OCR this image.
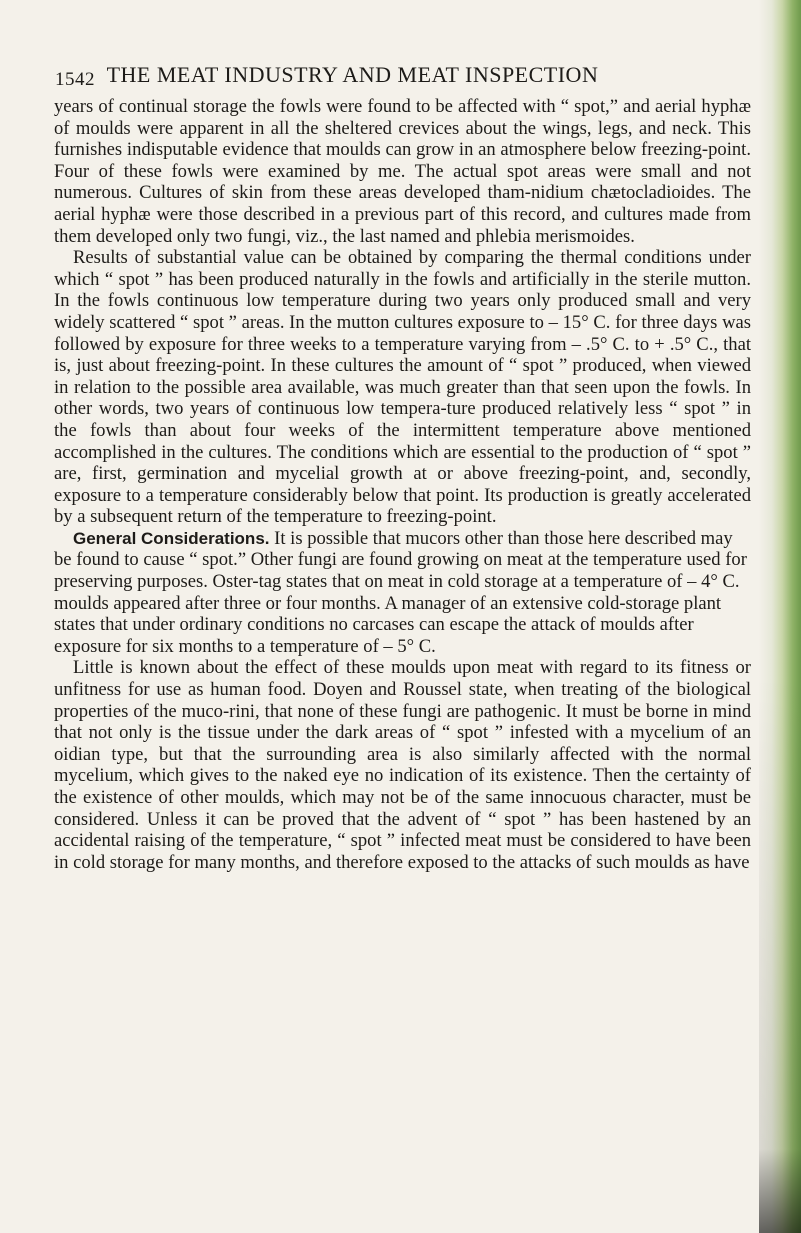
1542 THE MEAT INDUSTRY AND MEAT INSPECTION

years of continual storage the fowls were found to be affected with “ spot,” and aerial hyphæ of moulds were apparent in all the sheltered crevices about the wings, legs, and neck. This furnishes indisputable evidence that moulds can grow in an atmosphere below freezing-point. Four of these fowls were examined by me. The actual spot areas were small and not numerous. Cultures of skin from these areas developed tham-nidium chætocladioides. The aerial hyphæ were those described in a previous part of this record, and cultures made from them developed only two fungi, viz., the last named and phlebia merismoides.

Results of substantial value can be obtained by comparing the thermal conditions under which “ spot ” has been produced naturally in the fowls and artificially in the sterile mutton. In the fowls continuous low temperature during two years only produced small and very widely scattered “ spot ” areas. In the mutton cultures exposure to – 15° C. for three days was followed by exposure for three weeks to a temperature varying from – .5° C. to + .5° C., that is, just about freezing-point. In these cultures the amount of “ spot ” produced, when viewed in relation to the possible area available, was much greater than that seen upon the fowls. In other words, two years of continuous low tempera-ture produced relatively less “ spot ” in the fowls than about four weeks of the intermittent temperature above mentioned accomplished in the cultures. The conditions which are essential to the production of “ spot ” are, first, germination and mycelial growth at or above freezing-point, and, secondly, exposure to a temperature considerably below that point. Its production is greatly accelerated by a subsequent return of the temperature to freezing-point.

General Considerations. It is possible that mucors other than those here described may be found to cause “ spot.” Other fungi are found growing on meat at the temperature used for preserving purposes. Oster-tag states that on meat in cold storage at a temperature of – 4° C. moulds appeared after three or four months. A manager of an extensive cold-storage plant states that under ordinary conditions no carcases can escape the attack of moulds after exposure for six months to a temperature of – 5° C.

Little is known about the effect of these moulds upon meat with regard to its fitness or unfitness for use as human food. Doyen and Roussel state, when treating of the biological properties of the muco-rini, that none of these fungi are pathogenic. It must be borne in mind that not only is the tissue under the dark areas of “ spot ” infested with a mycelium of an oidian type, but that the surrounding area is also similarly affected with the normal mycelium, which gives to the naked eye no indication of its existence. Then the certainty of the existence of other moulds, which may not be of the same innocuous character, must be considered. Unless it can be proved that the advent of “ spot ” has been hastened by an accidental raising of the temperature, “ spot ” infected meat must be considered to have been in cold storage for many months, and therefore exposed to the attacks of such moulds as have
